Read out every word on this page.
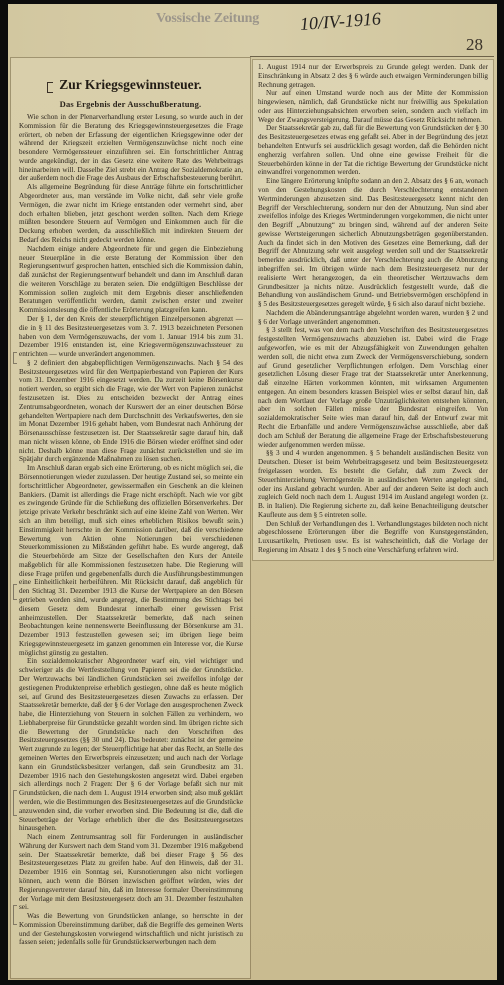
Vossische Zeitung 10/IV-1916
28
Zur Kriegsgewinnsteuer.
Das Ergebnis der Ausschußberatung.

Wie schon in der Plenarverhandlung erster Lesung, so wurde auch in der Kommission für die Beratung des Kriegsgewinnsteuergesetzes die Frage erörtert, ob neben der Erfassung der eigentlichen Kriegsgewinne oder der während der Kriegszeit erzielten Vermögenszuwüchse nicht noch eine besondere Vermögenssteuer einzuführen sei. Ein fortschrittlicher Antrag wurde angekündigt, der in das Gesetz eine weitere Rate des Wehrbeitrags hineinarbeiten will. Dasselbe Ziel strebt ein Antrag der Sozialdemokratie an, der außerdem noch die Frage des Ausbaus der Erbschaftsbesteuerung berührt.

Als allgemeine Begründung für diese Anträge führte ein fortschrittlicher Abgeordneter aus, man verstände im Volke nicht, daß sehr viele große Vermögen, die zwar nicht im Kriege entstanden oder vermehrt sind, aber doch erhalten blieben, jetzt geschont werden sollten. Nach dem Kriege müßten besondere Steuern auf Vermögen und Einkommen auch für die Deckung erhoben werden, da ausschließlich mit indirekten Steuern der Bedarf des Reichs nicht gedeckt werden könne.

Nachdem einige andere Abgeordnete für und gegen die Einbeziehung neuer Steuerpläne in die erste Beratung der Kommission über den Regierungsentwurf gesprochen hatten, entschied sich die Kommission dahin, daß zunächst der Regierungsentwurf behandelt und dann im Anschluß daran die weiteren Vorschläge zu beraten seien. Die endgültigen Beschlüsse der Kommission sollen zugleich mit dem Ergebnis dieser anschließenden Beratungen veröffentlicht werden, damit zwischen erster und zweiter Kommissionslesung die öffentliche Erörterung platzgreifen kann.

Der § 1, der den Kreis der steuerpflichtigen Einzelpersonen abgrenzt — die in § 11 des Besitzsteuergesetzes vom 3. 7. 1913 bezeichneten Personen haben von dem Vermögenszuwachs, der vom 1. Januar 1914 bis zum 31. Dezember 1916 entstanden ist, eine Kriegsvermögenszuwachssteuer zu entrichten — wurde unverändert angenommen.

§ 2 definiert den abgabepflichtigen Vermögenszuwachs. Nach § 54 des Besitzsteuergesetzes wird für den Wertpapierbestand von Papieren der Kurs vom 31. Dezember 1916 eingesetzt werden. Da zurzeit keine Börsenkurse notiert werden, so ergibt sich die Frage, wie der Wert von Papieren zunächst festzusetzen ist. Dies zu entscheiden bezweckt der Antrag eines Zentrumsabgeordneten, wonach der Kurswert der an einer deutschen Börse gehandelten Wertpapiere nach dem Durchschnitt des Verkaufswertes, den sie im Monat Dezember 1916 gehabt haben, vom Bundesrat nach Anhörung der Börsenausschüsse festzusetzen ist. Der Staatssekretär sagte darauf hin, daß man nicht wissen könne, ob Ende 1916 die Börsen wieder eröffnet sind oder nicht. Deshalb könne man diese Frage zunächst zurückstellen und sie im Spätjahr durch ergänzende Maßnahmen zu lösen suchen.

Im Anschluß daran ergab sich eine Erörterung, ob es nicht möglich sei, die Börsennotierungen wieder zuzulassen. Der heutige Zustand sei, so meinte ein fortschrittlicher Abgeordneter, gewissermaßen ein Geschenk an die kleinen Bankiers. (Damit ist allerdings die Frage nicht erschöpft. Nach wie vor gibt es zwingende Gründe für die Schließung des offiziellen Börsenverkehrs. Der jetzige private Verkehr beschränkt sich auf eine kleine Zahl von Werten. Wer sich an ihm beteiligt, muß sich eines erheblichen Risikos bewußt sein.) Einstimmigkeit herrschte in der Kommission darüber, daß die verschiedene Bewertung von Aktien ohne Notierungen bei verschiedenen Steuerkommissionen zu Mißständen geführt habe. Es wurde angeregt, daß die Steuerbehörde am Sitze der Gesellschaften den Kurs der Anteile maßgeblich für alle Kommissionen festzusetzen habe. Die Regierung will diese Frage prüfen und gegebenenfalls durch die Ausführungsbestimmungen eine Einheitlichkeit herbeiführen. Mit Rücksicht darauf, daß angeblich für den Stichtag 31. Dezember 1913 die Kurse der Wertpapiere an den Börsen getrieben worden sind, wurde angeregt, die Bestimmung des Stichtags bei diesem Gesetz dem Bundesrat innerhalb einer gewissen Frist anheimzustellen. Der Staatssekretär bemerkte, daß nach seinen Beobachtungen keine nennenswerte Beeinflussung der Börsenkurse am 31. Dezember 1913 festzustellen gewesen sei; im übrigen liege beim Kriegsgewinnsteuergesetz im ganzen genommen ein Interesse vor, die Kurse möglichst günstig zu gestalten.

Ein sozialdemokratischer Abgeordneter warf ein, viel wichtiger und schwieriger als die Wertfeststellung von Papieren sei die der Grundstücke. Der Wertzuwachs bei ländlichen Grundstücken sei zweifellos infolge der gestiegenen Produktenpreise erheblich gestiegen, ohne daß es heute möglich sei, auf Grund des Besitzsteuergesetzes diesen Zuwachs zu erfassen. Der Staatssekretär bemerkte, daß der § 6 der Vorlage den ausgesprochenen Zweck habe, die Hinterziehung von Steuern in solchen Fällen zu verhindern, wo Liebhaberpreise für Grundstücke gezahlt worden sind. Im übrigen richte sich die Bewertung der Grundstücke nach den Vorschriften des Besitzsteuergesetzes (§§ 30 und 24). Das bedeutet: zunächst ist der gemeine Wert zugrunde zu legen; der Steuerpflichtige hat aber das Recht, an Stelle des gemeinen Wertes den Erwerbspreis einzusetzen; und auch nach der Vorlage kann ein Grundstücksbesitzer verlangen, daß sein Grundbesitz am 31. Dezember 1916 nach den Gestehungskosten angesetzt wird. Dabei ergeben sich allerdings noch 2 Fragen: Der § 6 der Vorlage befaßt sich nur mit Grundstücken, die nach dem 1. August 1914 erworben sind; also muß geklärt werden, wie die Bestimmungen des Besitzsteuergesetzes auf die Grundstücke anzuwenden sind, die vorher erworben sind. Die Bedeutung ist die, daß die Steuerbeträge der Vorlage erheblich über die des Besitzsteuergesetzes hinausgehen.

Nach einem Zentrumsantrag soll für Forderungen in ausländischer Währung der Kurswert nach dem Stand vom 31. Dezember 1916 maßgebend sein. Der Staatssekretär bemerkte, daß bei dieser Frage § 56 des Besitzsteuergesetzes Platz zu greifen habe. Auf den Hinweis, daß der 31. Dezember 1916 ein Sonntag sei, Kursnotierungen also nicht vorliegen können, auch wenn die Börsen inzwischen geöffnet würden, wies der Regierungsvertreter darauf hin, daß im Interesse formaler Übereinstimmung der Vorlage mit dem Besitzsteuergesetz doch am 31. Dezember festzuhalten sei.

Was die Bewertung von Grundstücken anlange, so herrschte in der Kommission Übereinstimmung darüber, daß die Begriffe des gemeinen Werts und der Gestehungskosten vorwiegend wirtschaftlich und nicht juristisch zu fassen seien; jedenfalls solle für Grundstückserwerbungen nach dem

1. August 1914 nur der Erwerbspreis zu Grunde gelegt werden. Dank der Einschränkung in Absatz 2 des § 6 würde auch etwaigen Verminderungen billig Rechnung getragen.

Nur auf einen Umstand wurde noch aus der Mitte der Kommission hingewiesen, nämlich, daß Grundstücke nicht nur freiwillig aus Spekulation oder aus Hinterziehungsabsichten erworben seien, sondern auch vielfach im Wege der Zwangsversteigerung. Darauf müsse das Gesetz Rücksicht nehmen.

Der Staatssekretär gab zu, daß für die Bewertung von Grundstücken der § 30 des Besitzsteuergesetzes etwas eng gefaßt sei. Aber in der Begründung des jetzt behandelten Entwurfs sei ausdrücklich gesagt worden, daß die Behörden nicht engherzig verfahren sollen. Und ohne eine gewisse Freiheit für die Steuerbehörden könne in der Tat die richtige Bewertung der Grundstücke nicht einwandfrei vorgenommen werden.

Eine längere Erörterung knüpfte sodann an den 2. Absatz des § 6 an, wonach von den Gestehungskosten die durch Verschlechterung entstandenen Wertminderungen abzusetzen sind. Das Besitzsteuergesetz kennt nicht den Begriff der Verschlechterung, sondern nur den der Abnutzung. Nun sind aber zweifellos infolge des Krieges Wertminderungen vorgekommen, die nicht unter den Begriff „Abnutzung“ zu bringen sind, während auf der anderen Seite gewisse Wertsteigerungen sicherlich Abnutzungsbeträgen gegenüberstanden. Auch da findet sich in den Motiven des Gesetzes eine Bemerkung, daß der Begriff der Abnutzung sehr weit ausgelegt werden soll und der Staatssekretär bemerkte ausdrücklich, daß unter der Verschlechterung auch die Abnutzung inbegriffen sei. Im übrigen würde nach dem Besitzsteuergesetz nur der realisierte Wert herangezogen, da ein theoretischer Wertzuwachs dem Grundbesitzer ja nichts nütze. Ausdrücklich festgestellt wurde, daß die Behandlung von ausländischem Grund- und Betriebsvermögen erschöpfend in § 5 des Besitzsteuergesetzes geregelt würde, § 6 sich also darauf nicht beziehe.

Nachdem die Abänderungsanträge abgelehnt worden waren, wurden § 2 und § 6 der Vorlage unverändert angenommen.

§ 3 stellt fest, was von dem nach den Vorschriften des Besitzsteuergesetzes festgestellten Vermögenszuwachs abzuziehen ist. Dabei wird die Frage aufgeworfen, wie es mit der Abzugsfähigkeit von Zuwendungen gehalten werden soll, die nicht etwa zum Zweck der Vermögensverschiebung, sondern auf Grund gesetzlicher Verpflichtungen erfolgen. Dem Vorschlag einer gesetzlichen Lösung dieser Frage trat der Staatssekretär unter Anerkennung, daß einzelne Härten vorkommen könnten, mit wirksamen Argumenten entgegen. An einem besonders krassen Beispiel wies er selbst darauf hin, daß nach dem Wortlaut der Vorlage große Unzuträglichkeiten entstehen könnten, aber in solchen Fällen müsse der Bundesrat eingreifen. Von sozialdemokratischer Seite wies man darauf hin, daß der Entwurf zwar mit Recht die Erbanfälle und andere Vermögenszuwächse ausschließe, aber daß doch am Schluß der Beratung die allgemeine Frage der Erbschaftsbesteuerung wieder aufgenommen werden müsse.

§§ 3 und 4 wurden angenommen. § 5 behandelt ausländischen Besitz von Deutschen. Dieser ist beim Wehrbeitragsgesetz und beim Besitzsteuergesetz freigelassen worden. Es besteht die Gefahr, daß zum Zweck der Steuerhinterziehung Vermögensteile in ausländischen Werten angelegt sind, oder ins Ausland gebracht wurden. Aber auf der anderen Seite ist doch auch zugleich Geld noch nach dem 1. August 1914 im Ausland angelegt worden (z. B. in Italien). Die Regierung sicherte zu, daß keine Benachteiligung deutscher Kaufleute aus dem § 5 eintreten solle.

Den Schluß der Verhandlungen des 1. Verhandlungstages bildeten noch nicht abgeschlossene Erörterungen über die Begriffe von Kunstgegenständen, Luxusartikeln, Pretiosen usw. Es ist wahrscheinlich, daß die Vorlage der Regierung im Absatz 1 des § 5 noch eine Verschärfung erfahren wird.
